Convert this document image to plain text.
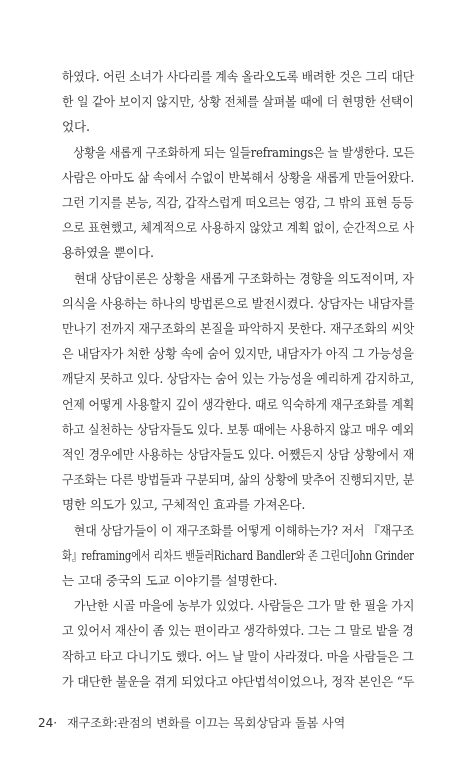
하였다. 어린 소녀가 사다리를 계속 올라오도록 배려한 것은 그리 대단
한 일 같아 보이지 않지만, 상황 전체를 살펴볼 때에 더 현명한 선택이
었다.

　상황을 새롭게 구조화하게 되는 일들reframings은 늘 발생한다. 모든
사람은 아마도 삶 속에서 수없이 반복해서 상황을 새롭게 만들어왔다.
그런 기지를 본능, 직감, 갑작스럽게 떠오르는 영감, 그 밖의 표현 등등
으로 표현했고, 체계적으로 사용하지 않았고 계획 없이, 순간적으로 사
용하였을 뿐이다.

　현대 상담이론은 상황을 새롭게 구조화하는 경향을 의도적이며, 자
의식을 사용하는 하나의 방법론으로 발전시켰다. 상담자는 내담자를
만나기 전까지 재구조화의 본질을 파악하지 못한다. 재구조화의 씨앗
은 내담자가 처한 상황 속에 숨어 있지만, 내담자가 아직 그 가능성을
깨닫지 못하고 있다. 상담자는 숨어 있는 가능성을 예리하게 감지하고,
언제 어떻게 사용할지 깊이 생각한다. 때로 익숙하게 재구조화를 계획
하고 실천하는 상담자들도 있다. 보통 때에는 사용하지 않고 매우 예외
적인 경우에만 사용하는 상담자들도 있다. 어쨌든지 상담 상황에서 재
구조화는 다른 방법들과 구분되며, 삶의 상황에 맞추어 진행되지만, 분
명한 의도가 있고, 구체적인 효과를 가져온다.

　현대 상담가들이 이 재구조화를 어떻게 이해하는가? 저서 『재구조
화』reframing에서 리차드 밴들러Richard Bandler와 존 그린더John Grinder
는 고대 중국의 도교 이야기를 설명한다.

　가난한 시골 마을에 농부가 있었다. 사람들은 그가 말 한 필을 가지
고 있어서 재산이 좀 있는 편이라고 생각하였다. 그는 그 말로 밭을 경
작하고 타고 다니기도 했다. 어느 날 말이 사라졌다. 마을 사람들은 그
가 대단한 불운을 겪게 되었다고 야단법석이었으나, 정작 본인은 “두

24· 재구조화:관점의 변화를 이끄는 목회상담과 돌봄 사역
